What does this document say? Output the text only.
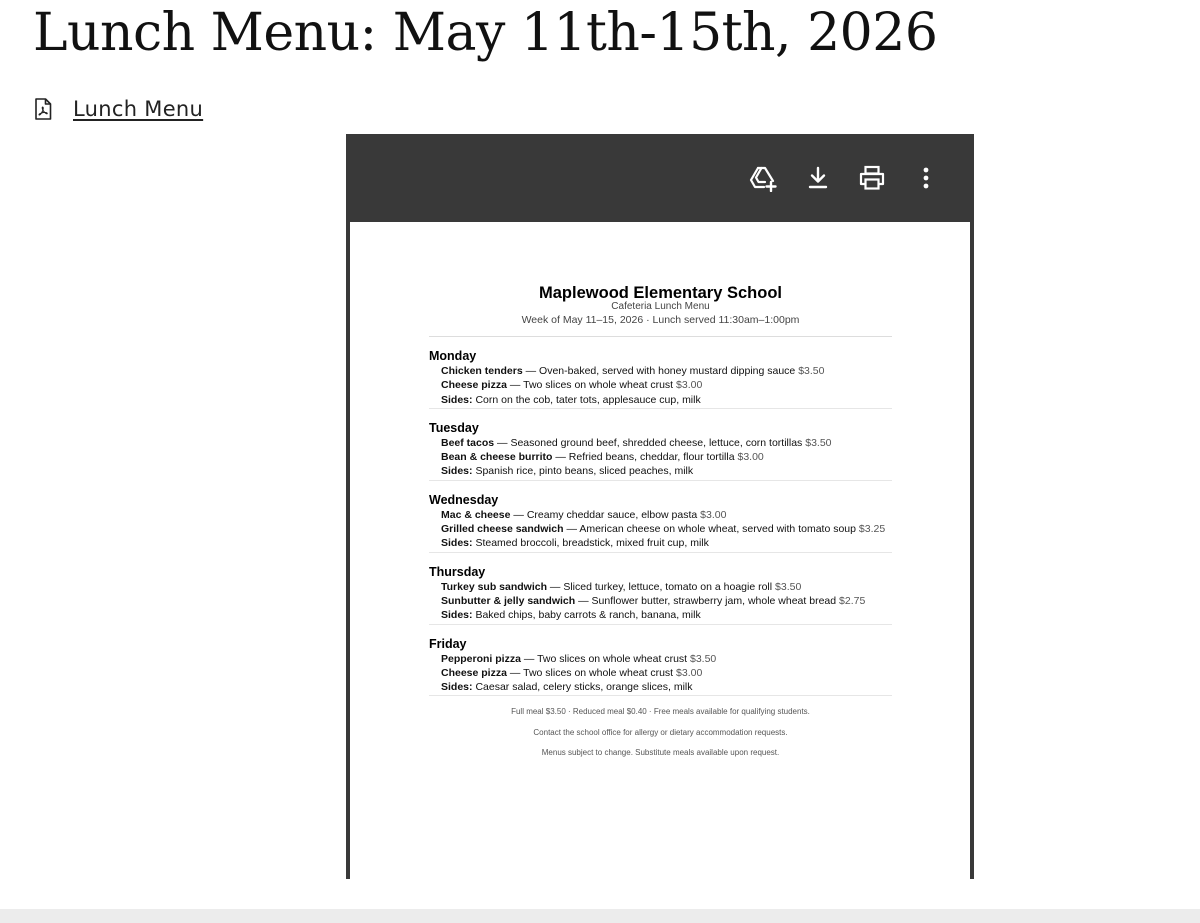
Lunch Menu: May 11th-15th, 2026
Lunch Menu
Maplewood Elementary School
Cafeteria Lunch Menu
Week of May 11–15, 2026 · Lunch served 11:30am–1:00pm
Monday
Chicken tenders — Oven-baked, served with honey mustard dipping sauce $3.50
Cheese pizza — Two slices on whole wheat crust $3.00
Sides: Corn on the cob, tater tots, applesauce cup, milk
Tuesday
Beef tacos — Seasoned ground beef, shredded cheese, lettuce, corn tortillas $3.50
Bean & cheese burrito — Refried beans, cheddar, flour tortilla $3.00
Sides: Spanish rice, pinto beans, sliced peaches, milk
Wednesday
Mac & cheese — Creamy cheddar sauce, elbow pasta $3.00
Grilled cheese sandwich — American cheese on whole wheat, served with tomato soup $3.25
Sides: Steamed broccoli, breadstick, mixed fruit cup, milk
Thursday
Turkey sub sandwich — Sliced turkey, lettuce, tomato on a hoagie roll $3.50
Sunbutter & jelly sandwich — Sunflower butter, strawberry jam, whole wheat bread $2.75
Sides: Baked chips, baby carrots & ranch, banana, milk
Friday
Pepperoni pizza — Two slices on whole wheat crust $3.50
Cheese pizza — Two slices on whole wheat crust $3.00
Sides: Caesar salad, celery sticks, orange slices, milk

Full meal $3.50 · Reduced meal $0.40 · Free meals available for qualifying students.

Contact the school office for allergy or dietary accommodation requests.

Menus subject to change. Substitute meals available upon request.
